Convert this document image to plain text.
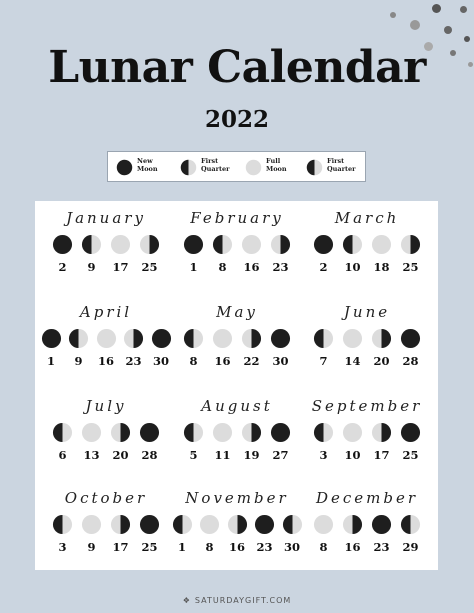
Lunar Calendar
2022
New
Moon
First
Quarter
Full
Moon
First
Quarter
January
2	9	17	25
February
1	8	16	23
March
2	10	18	25
April
1	9	16 23 30
May
8	16	22	30
June
7	14	20	28
July
6	13	20	28
August
5	11	19	27
September
3	10	17	25
October
3	9	17	25
November
1	8	16 23 30
December
8	16	23	29
❖ SATURDAYGIFT.COM
